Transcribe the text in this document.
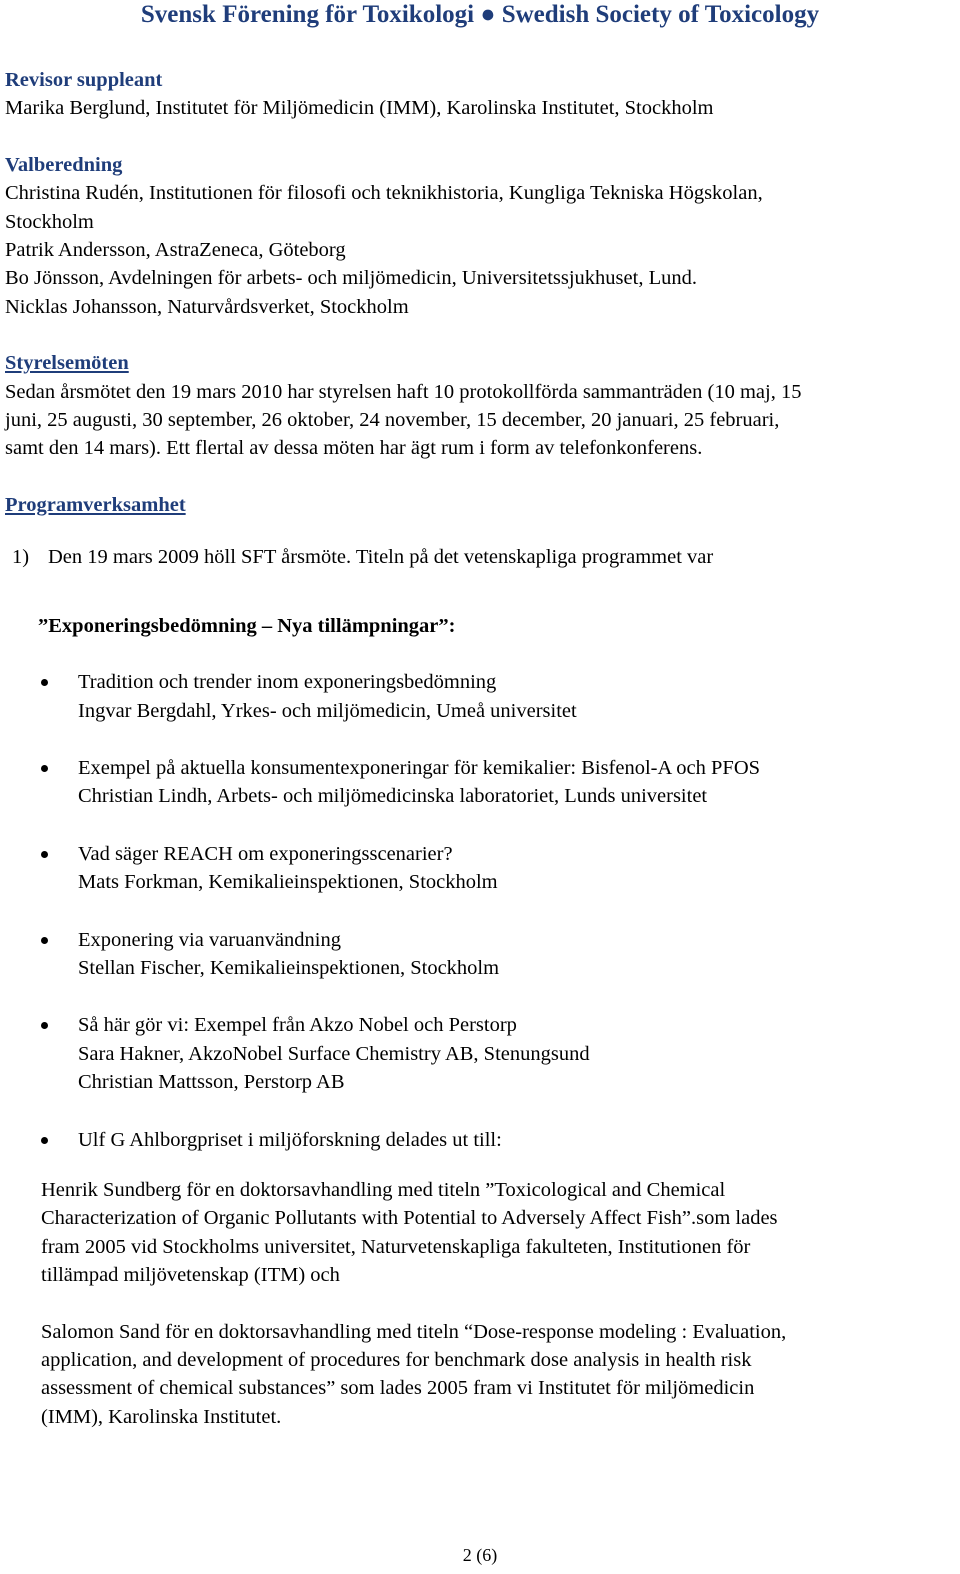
Svensk Förening för Toxikologi ● Swedish Society of Toxicology
Revisor suppleant
Marika Berglund, Institutet för Miljömedicin (IMM), Karolinska Institutet, Stockholm
Valberedning
Christina Rudén, Institutionen för filosofi och teknikhistoria, Kungliga Tekniska Högskolan,
Stockholm
Patrik Andersson, AstraZeneca, Göteborg
Bo Jönsson, Avdelningen för arbets- och miljömedicin, Universitetssjukhuset, Lund.
Nicklas Johansson, Naturvårdsverket, Stockholm
Styrelsemöten
Sedan årsmötet den 19 mars 2010 har styrelsen haft 10 protokollförda sammanträden (10 maj, 15
juni, 25 augusti, 30 september, 26 oktober, 24 november, 15 december, 20 januari, 25 februari,
samt den 14 mars). Ett flertal av dessa möten har ägt rum i form av telefonkonferens.
Programverksamhet
1) Den 19 mars 2009 höll SFT årsmöte. Titeln på det vetenskapliga programmet var
”Exponeringsbedömning – Nya tillämpningar”:
Tradition och trender inom exponeringsbedömning
Ingvar Bergdahl, Yrkes- och miljömedicin, Umeå universitet
Exempel på aktuella konsumentexponeringar för kemikalier: Bisfenol-A och PFOS
Christian Lindh, Arbets- och miljömedicinska laboratoriet, Lunds universitet
Vad säger REACH om exponeringsscenarier?
Mats Forkman, Kemikalieinspektionen, Stockholm
Exponering via varuanvändning
Stellan Fischer, Kemikalieinspektionen, Stockholm
Så här gör vi: Exempel från Akzo Nobel och Perstorp
Sara Hakner, AkzoNobel Surface Chemistry AB, Stenungsund
Christian Mattsson, Perstorp AB
Ulf G Ahlborgpriset i miljöforskning delades ut till:
Henrik Sundberg för en doktorsavhandling med titeln ”Toxicological and Chemical
Characterization of Organic Pollutants with Potential to Adversely Affect Fish”.som lades
fram 2005 vid Stockholms universitet, Naturvetenskapliga fakulteten, Institutionen för
tillämpad miljövetenskap (ITM) och
Salomon Sand för en doktorsavhandling med titeln “Dose-response modeling : Evaluation,
application, and development of procedures for benchmark dose analysis in health risk
assessment of chemical substances” som lades 2005 fram vi Institutet för miljömedicin
(IMM), Karolinska Institutet.
2 (6)
